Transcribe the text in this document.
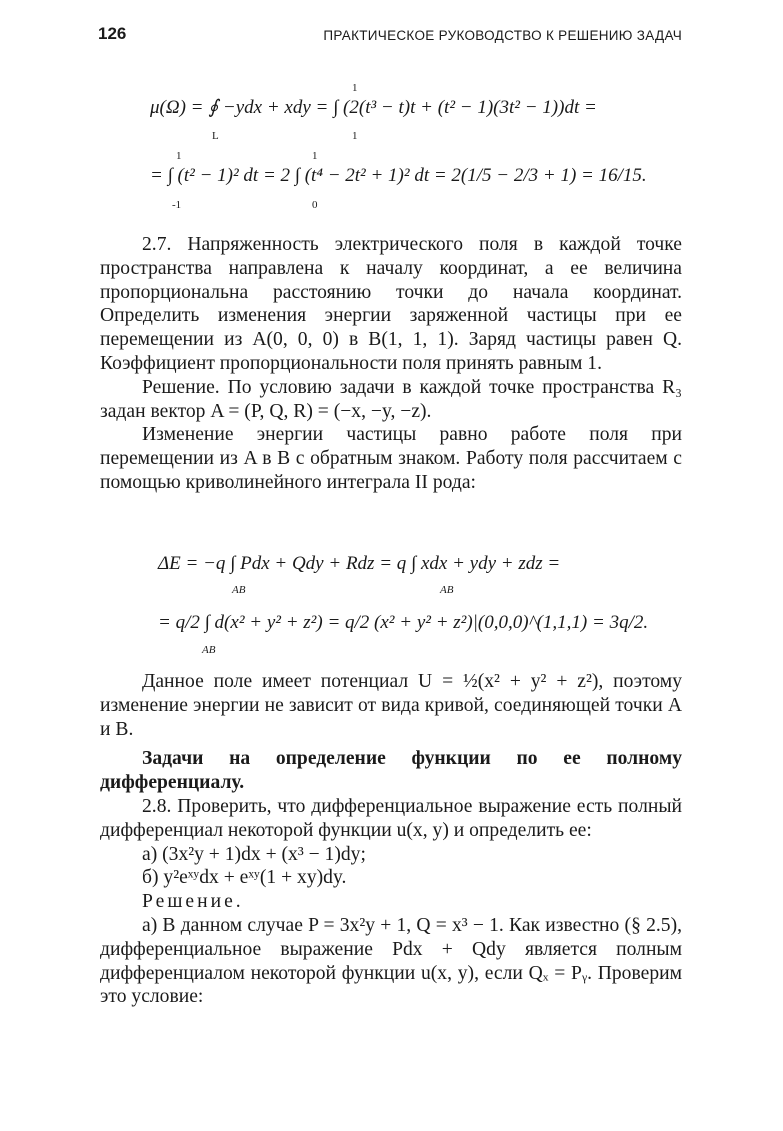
126	ПРАКТИЧЕСКОЕ РУКОВОДСТВО К РЕШЕНИЮ ЗАДАЧ
μ(Ω) = ∮ −ydx + xdy = ∫ (2(t³ − t)t + (t² − 1)(3t² − 1))dt =
L
1
1
= ∫ (t² − 1)² dt = 2 ∫ (t⁴ − 2t² + 1)² dt = 2(1/5 − 2/3 + 1) = 16/15.
1
-1
1
0

2.7. Напряженность электрического поля в каждой точке пространства направлена к началу координат, а ее величина пропорциональна расстоянию точки до начала координат. Определить изменения энергии заряженной частицы при ее перемещении из A(0, 0, 0) в B(1, 1, 1). Заряд частицы равен Q. Коэффициент пропорциональности поля принять равным 1.

Решение. По условию задачи в каждой точке пространства R₃ задан вектор A = (P, Q, R) = (−x, −y, −z).

Изменение энергии частицы равно работе поля при перемещении из A в B с обратным знаком. Работу поля рассчитаем с помощью криволинейного интеграла II рода:

ΔE = −q ∫ Pdx + Qdy + Rdz = q ∫ xdx + ydy + zdz =
AB	AB
= q/2 ∫ d(x² + y² + z²) = q/2 (x² + y² + z²)|(0,0,0)^(1,1,1) = 3q/2.
AB

Данное поле имеет потенциал U = ½(x² + y² + z²), поэтому изменение энергии не зависит от вида кривой, соединяющей точки A и B.

Задачи на определение функции по ее полному дифференциалу.

2.8. Проверить, что дифференциальное выражение есть полный дифференциал некоторой функции u(x, y) и определить ее:

а) (3x²y + 1)dx + (x³ − 1)dy;

б) y²eˣʸdx + eˣʸ(1 + xy)dy.

Решение.

а) В данном случае P = 3x²y + 1, Q = x³ − 1. Как известно (§ 2.5), дифференциальное выражение Pdx + Qdy является полным дифференциалом некоторой функции u(x, y), если Qₓ = Pᵧ. Проверим это условие:
